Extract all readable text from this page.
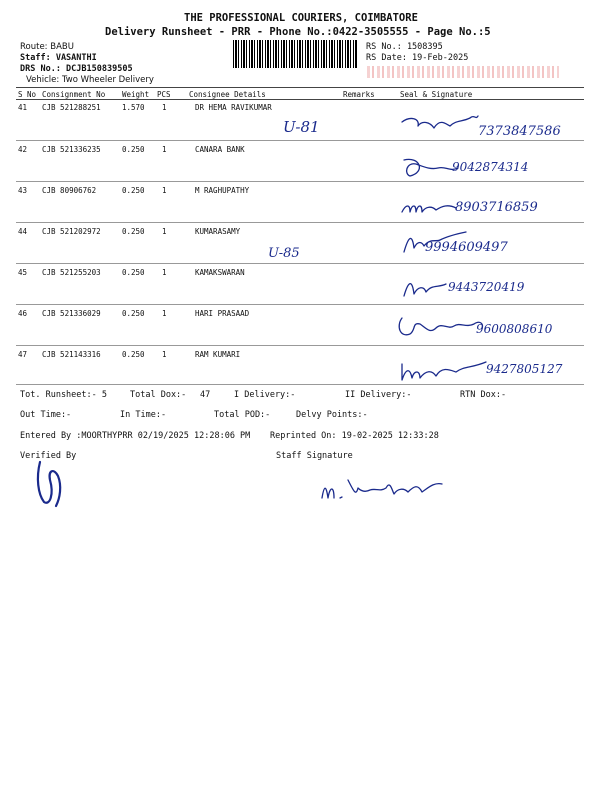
THE PROFESSIONAL COURIERS, COIMBATORE
Delivery Runsheet - PRR - Phone No.:0422-3505555 - Page No.:5
Route: BABU
Staff: VASANTHI
DRS No.: DCJB150839505
Vehicle: Two Wheeler Delivery
RS No.: 1508395
RS Date: 19-Feb-2025
S No Consignment No Weight PCS Consignee Details	Remarks	Seal & Signature
41 CJB 521288251	1.570 1	DR HEMA RAVIKUMAR
U-81	7373847586
42 CJB 521336235	0.250 1	CANARA BANK
9042874314
43 CJB 80906762	0.250 1	M RAGHUPATHY
8903716859
44 CJB 521202972	0.250 1	KUMARASAMY
U-85	9994609497
45 CJB 521255203	0.250 1	KAMAKSWARAN
9443720419
46 CJB 521336029	0.250 1	HARI PRASAAD
9600808610
47 CJB 521143316	0.250 1	RAM KUMARI
9427805127
Tot. Runsheet:- 5	Total Dox:- 47	I Delivery:-	II Delivery:-	RTN Dox:-
Out Time:-	In Time:-	Total POD:-	Delvy Points:-
Entered By :MOORTHYPRR 02/19/2025 12:28:06 PM Reprinted On: 19-02-2025 12:33:28
Verified By	Staff Signature
